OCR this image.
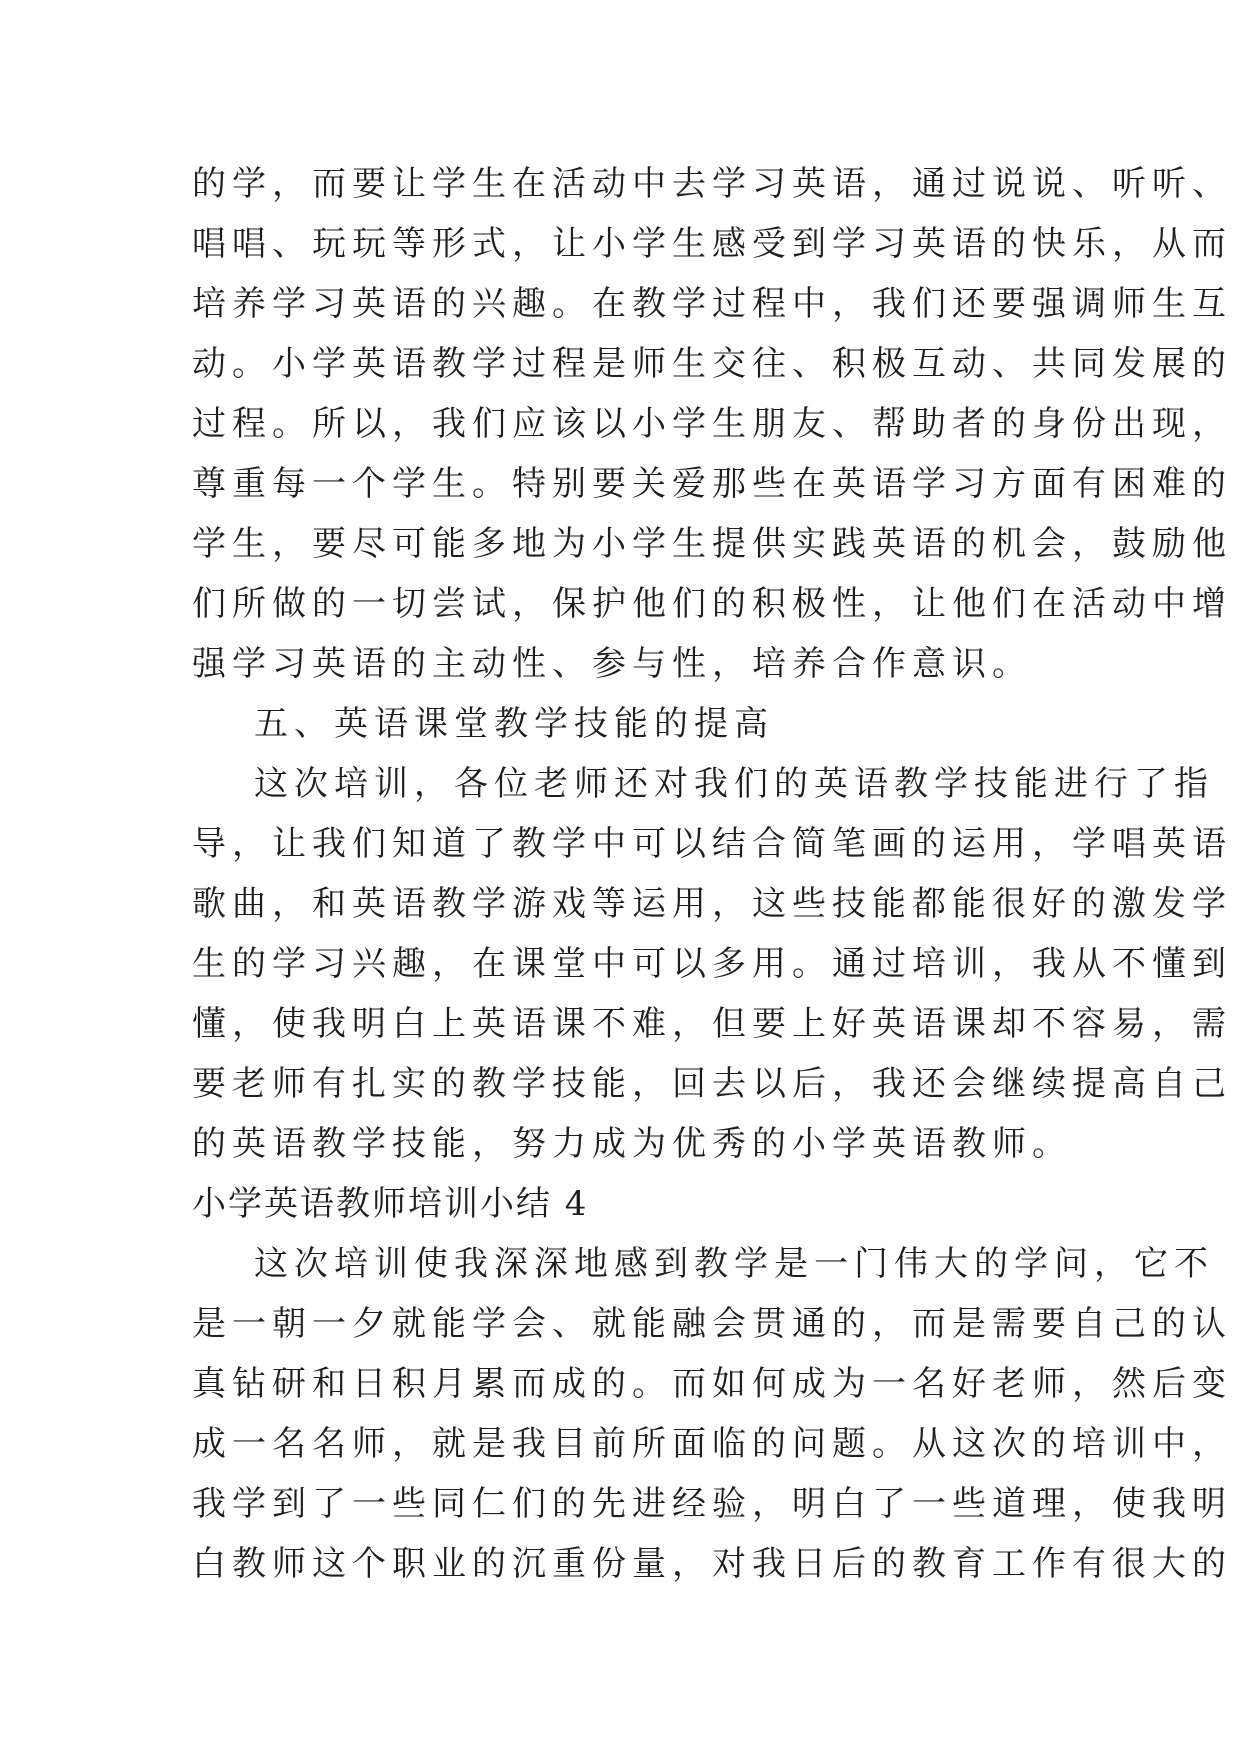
的学，而要让学生在活动中去学习英语，通过说说、听听、
唱唱、玩玩等形式，让小学生感受到学习英语的快乐，从而
培养学习英语的兴趣。在教学过程中，我们还要强调师生互
动。小学英语教学过程是师生交往、积极互动、共同发展的
过程。所以，我们应该以小学生朋友、帮助者的身份出现，
尊重每一个学生。特别要关爱那些在英语学习方面有困难的
学生，要尽可能多地为小学生提供实践英语的机会，鼓励他
们所做的一切尝试，保护他们的积极性，让他们在活动中增
强学习英语的主动性、参与性，培养合作意识。
五、英语课堂教学技能的提高
这次培训，各位老师还对我们的英语教学技能进行了指
导，让我们知道了教学中可以结合简笔画的运用，学唱英语
歌曲，和英语教学游戏等运用，这些技能都能很好的激发学
生的学习兴趣，在课堂中可以多用。通过培训，我从不懂到
懂，使我明白上英语课不难，但要上好英语课却不容易，需
要老师有扎实的教学技能，回去以后，我还会继续提高自己
的英语教学技能，努力成为优秀的小学英语教师。
小学英语教师培训小结 4
这次培训使我深深地感到教学是一门伟大的学问，它不
是一朝一夕就能学会、就能融会贯通的，而是需要自己的认
真钻研和日积月累而成的。而如何成为一名好老师，然后变
成一名名师，就是我目前所面临的问题。从这次的培训中，
我学到了一些同仁们的先进经验，明白了一些道理，使我明
白教师这个职业的沉重份量，对我日后的教育工作有很大的
